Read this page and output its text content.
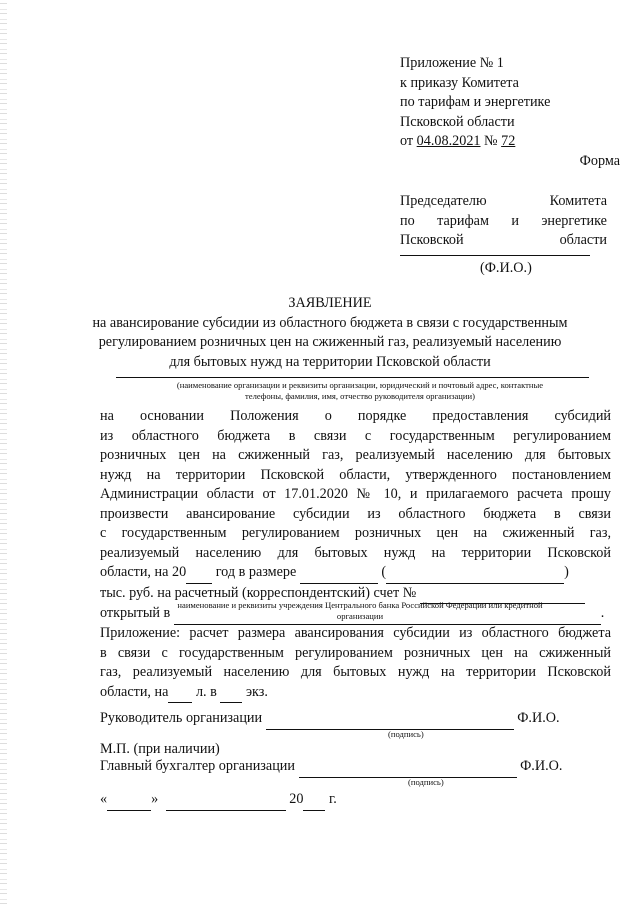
Приложение № 1
к приказу Комитета
по тарифам и энергетике
Псковской области
от 04.08.2021 № 72
Форма
Председателю	Комитета
по тарифам и энергетике
Псковской	области
(Ф.И.О.)
ЗАЯВЛЕНИЕ
на авансирование субсидии из областного бюджета в связи с государственным
регулированием розничных цен на сжиженный газ, реализуемый населению
для бытовых нужд на территории Псковской области
(наименование организации и реквизиты организации, юридический и почтовый адрес, контактные
телефоны, фамилия, имя, отчество руководителя организации)
на основании Положения о порядке предоставления субсидий
из областного бюджета в связи с государственным регулированием
розничных цен на сжиженный газ, реализуемый населению для бытовых
нужд на территории Псковской области, утвержденного постановлением
Администрации области от 17.01.2020 № 10, и прилагаемого расчета прошу
произвести авансирование субсидии из областного бюджета в связи
с государственным регулированием розничных цен на сжиженный газ,
реализуемый населению для бытовых нужд на территории Псковской
области, на 20 год в размере	(	)
тыс. руб. на расчетный (корреспондентский) счет №
открытый в	.
наименование и реквизиты учреждения Центрального банка Российской Федерации или кредитной
организации
Приложение: расчет размера авансирования субсидии из областного бюджета
в связи с государственным регулированием розничных цен на сжиженный
газ, реализуемый населению для бытовых нужд на территории Псковской
области, на л. в экз.
Руководитель организации	Ф.И.О.
(подпись)
М.П. (при наличии)
Главный бухгалтер организации	Ф.И.О.
(подпись)
«	»	20 г.
